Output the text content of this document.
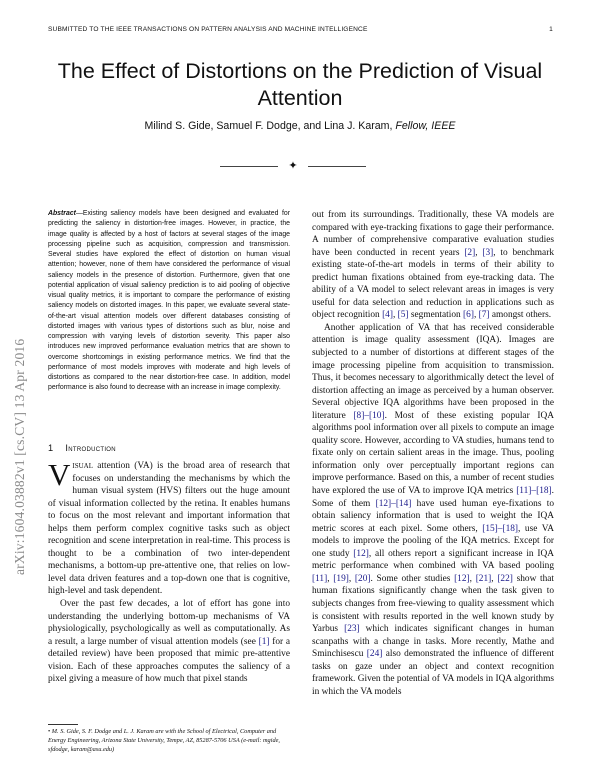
SUBMITTED TO THE IEEE TRANSACTIONS ON PATTERN ANALYSIS AND MACHINE INTELLIGENCE	1
The Effect of Distortions on the Prediction of Visual Attention
Milind S. Gide, Samuel F. Dodge, and Lina J. Karam, Fellow, IEEE
✦
arXiv:1604.03882v1 [cs.CV] 13 Apr 2016
Abstract—Existing saliency models have been designed and evaluated for predicting the saliency in distortion-free images. However, in practice, the image quality is affected by a host of factors at several stages of the image processing pipeline such as acquisition, compression and transmission. Several studies have explored the effect of distortion on human visual attention; however, none of them have considered the performance of visual saliency models in the presence of distortion. Furthermore, given that one potential application of visual saliency prediction is to aid pooling of objective visual quality metrics, it is important to compare the performance of existing saliency models on distorted images. In this paper, we evaluate several state-of-the-art visual attention models over different databases consisting of distorted images with various types of distortions such as blur, noise and compression with varying levels of distortion severity. This paper also introduces new improved performance evaluation metrics that are shown to overcome shortcomings in existing performance metrics. We find that the performance of most models improves with moderate and high levels of distortions as compared to the near distortion-free case. In addition, model performance is also found to decrease with an increase in image complexity.
1 Introduction

Visual attention (VA) is the broad area of research that focuses on understanding the mechanisms by which the human visual system (HVS) filters out the huge amount of visual information collected by the retina. It enables humans to focus on the most relevant and important information that helps them perform complex cognitive tasks such as object recognition and scene interpretation in real-time. This process is thought to be a combination of two inter-dependent mechanisms, a bottom-up pre-attentive one, that relies on low-level data driven features and a top-down one that is cognitive, high-level and task dependent.

Over the past few decades, a lot of effort has gone into understanding the underlying bottom-up mechanisms of VA physiologically, psychologically as well as computationally. As a result, a large number of visual attention models (see [1] for a detailed review) have been proposed that mimic pre-attentive vision. Each of these approaches computes the saliency of a pixel giving a measure of how much that pixel stands

out from its surroundings. Traditionally, these VA models are compared with eye-tracking fixations to gage their performance. A number of comprehensive comparative evaluation studies have been conducted in recent years [2], [3], to benchmark existing state-of-the-art models in terms of their ability to predict human fixations obtained from eye-tracking data. The ability of a VA model to select relevant areas in images is very useful for data selection and reduction in applications such as object recognition [4], [5] segmentation [6], [7] amongst others.

Another application of VA that has received considerable attention is image quality assessment (IQA). Images are subjected to a number of distortions at different stages of the image processing pipeline from acquisition to transmission. Thus, it becomes necessary to algorithmically detect the level of distortion affecting an image as perceived by a human observer. Several objective IQA algorithms have been proposed in the literature [8]–[10]. Most of these existing popular IQA algorithms pool information over all pixels to compute an image quality score. However, according to VA studies, humans tend to fixate only on certain salient areas in the image. Thus, pooling information only over perceptually important regions can improve performance. Based on this, a number of recent studies have explored the use of VA to improve IQA metrics [11]–[18]. Some of them [12]–[14] have used human eye-fixations to obtain saliency information that is used to weight the IQA metric scores at each pixel. Some others, [15]–[18], use VA models to improve the pooling of the IQA metrics. Except for one study [12], all others report a significant increase in IQA metric performance when combined with VA based pooling [11], [19], [20]. Some other studies [12], [21], [22] show that human fixations significantly change when the task given to subjects changes from free-viewing to quality assessment which is consistent with results reported in the well known study by Yarbus [23] which indicates significant changes in human scanpaths with a change in tasks. More recently, Mathe and Sminchisescu [24] also demonstrated the influence of different tasks on gaze under an object and context recognition framework. Given the potential of VA models in IQA algorithms in which the VA models

• M. S. Gide, S. F. Dodge and L. J. Karam are with the School of Electrical, Computer and Energy Engineering, Arizona State University, Tempe, AZ, 85287-5706 USA (e-mail: mgide, sfdodge, karam@asu.edu)
